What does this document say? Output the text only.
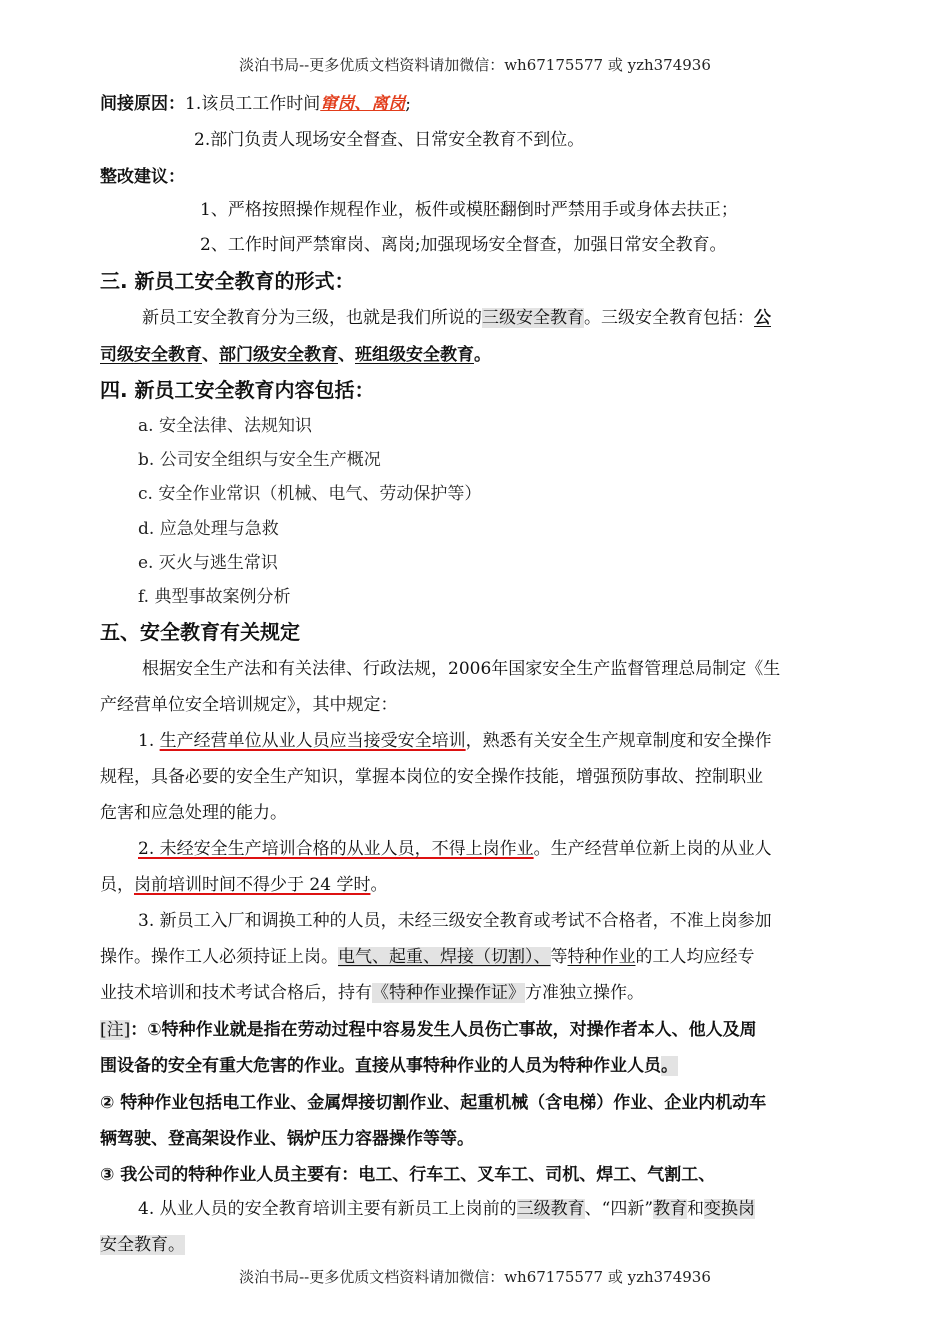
淡泊书局--更多优质文档资料请加微信：wh67175577 或 yzh374936
间接原因：1.该员工工作时间窜岗、离岗;
2.部门负责人现场安全督查、日常安全教育不到位。
整改建议：
1、严格按照操作规程作业，板件或模胚翻倒时严禁用手或身体去扶正；
2、工作时间严禁窜岗、离岗;加强现场安全督查，加强日常安全教育。
三. 新员工安全教育的形式：
新员工安全教育分为三级，也就是我们所说的三级安全教育。三级安全教育包括：公
司级安全教育、部门级安全教育、班组级安全教育。
四. 新员工安全教育内容包括：
a. 安全法律、法规知识
b. 公司安全组织与安全生产概况
c. 安全作业常识（机械、电气、劳动保护等）
d. 应急处理与急救
e. 灭火与逃生常识
f. 典型事故案例分析
五、安全教育有关规定
根据安全生产法和有关法律、行政法规，2006年国家安全生产监督管理总局制定《生
产经营单位安全培训规定》，其中规定：
1. 生产经营单位从业人员应当接受安全培训，熟悉有关安全生产规章制度和安全操作
规程，具备必要的安全生产知识，掌握本岗位的安全操作技能，增强预防事故、控制职业
危害和应急处理的能力。
2. 未经安全生产培训合格的从业人员，不得上岗作业。生产经营单位新上岗的从业人
员，岗前培训时间不得少于 24 学时。
3. 新员工入厂和调换工种的人员，未经三级安全教育或考试不合格者，不准上岗参加
操作。操作工人必须持证上岗。电气、起重、焊接（切割）、等特种作业的工人均应经专
业技术培训和技术考试合格后，持有《特种作业操作证》方准独立操作。
[注]：①特种作业就是指在劳动过程中容易发生人员伤亡事故，对操作者本人、他人及周
围设备的安全有重大危害的作业。直接从事特种作业的人员为特种作业人员。
② 特种作业包括电工作业、金属焊接切割作业、起重机械（含电梯）作业、企业内机动车
辆驾驶、登高架设作业、锅炉压力容器操作等等。
③ 我公司的特种作业人员主要有：电工、行车工、叉车工、司机、焊工、气割工、
4. 从业人员的安全教育培训主要有新员工上岗前的三级教育、“四新”教育和变换岗
安全教育。
淡泊书局--更多优质文档资料请加微信：wh67175577 或 yzh374936
